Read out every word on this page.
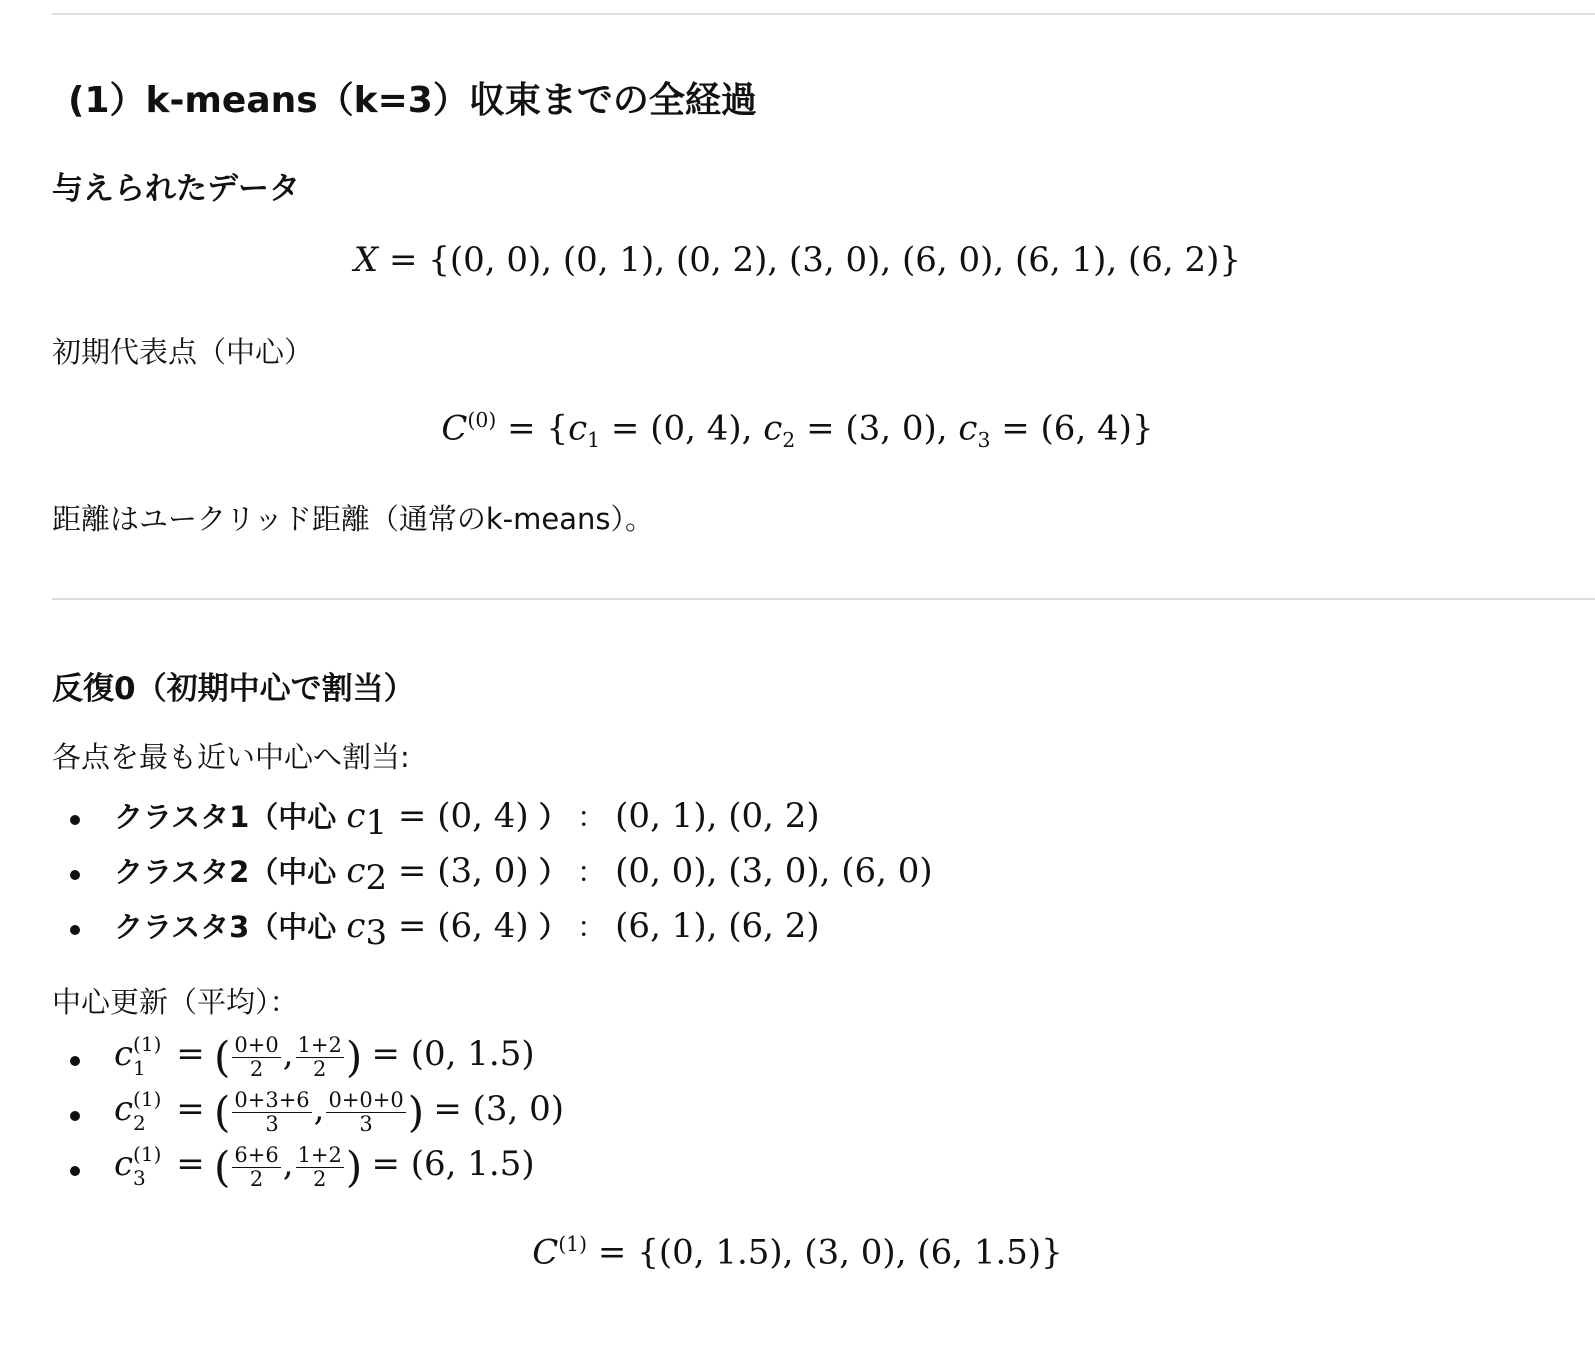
(1）k-means（k=3）収束までの全経過
与えられたデータ
X = {(0, 0), (0, 1), (0, 2), (3, 0), (6, 0), (6, 1), (6, 2)}

初期代表点（中心）

$C^{(0)} = \{c_1 = (0$, 4), $c_2 = (3$, 0), $c_3 = (6$, 4)}

距離はユークリッド距離（通常のk-means）。

反復0（初期中心で割当）

各点を最も近い中心へ割当:

クラスタ1（中心 $c_1 = (0$, 4) ） ： (0, 1), (0, 2)
クラスタ2（中心 $c_2 = (3$, 0) ） ： (0, 0), (3, 0), (6, 0)
クラスタ3（中心 $c_3 = (6$, 4) ） ： (6, 1), (6, 2)

中心更新（平均）：

c (1)
1 = ( $\frac{0+0}{2}$ , $\frac{1+2}{2}$ ) = (0, 1.5)
c (1)
2 = ( $\frac{0+3+6}{3}$ , $\frac{0+0+0}{3}$ ) = (3, 0)
c (1)
3 = ( $\frac{6+6}{2}$ , $\frac{1+2}{2}$ ) = (6, 1.5)
$C^{(1)} = \{(0$, 1.5), (3, 0), (6, 1.5)}
